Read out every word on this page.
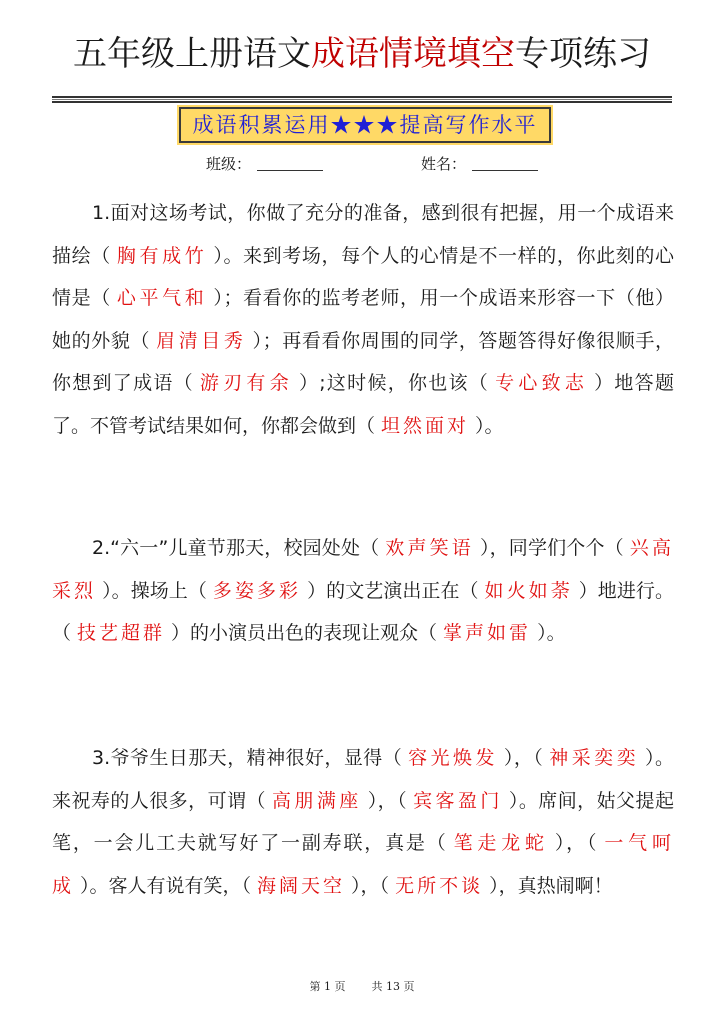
五年级上册语文成语情境填空专项练习
成语积累运用★★★提高写作水平
班级：	姓名：
1.面对这场考试，你做了充分的准备，感到很有把握，用一个成语来描绘（ 胸有成竹 ）。来到考场，每个人的心情是不一样的，你此刻的心情是（ 心平气和 ）；看看你的监考老师，用一个成语来形容一下（他）她的外貌（ 眉清目秀 ）；再看看你周围的同学，答题答得好像很顺手，你想到了成语（ 游刃有余 ）;这时候，你也该（ 专心致志 ）地答题了。不管考试结果如何，你都会做到（ 坦然面对 ）。
2.“六一”儿童节那天，校园处处（ 欢声笑语 ），同学们个个（ 兴高采烈 ）。操场上（ 多姿多彩 ）的文艺演出正在（ 如火如荼 ）地进行。（ 技艺超群 ）的小演员出色的表现让观众（ 掌声如雷 ）。
3.爷爷生日那天，精神很好，显得（ 容光焕发 ），（ 神采奕奕 ）。来祝寿的人很多，可谓（ 高朋满座 ），（ 宾客盈门 ）。席间，姑父提起笔，一会儿工夫就写好了一副寿联，真是（ 笔走龙蛇 ），（ 一气呵成 ）。客人有说有笑，（ 海阔天空 ），（ 无所不谈 ），真热闹啊！
第 1 页 共 13 页
